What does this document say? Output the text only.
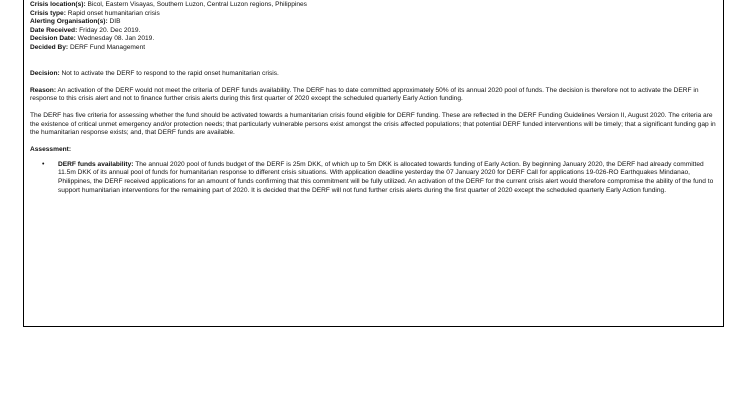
Crisis location(s): Bicol, Eastern Visayas, Southern Luzon, Central Luzon regions, Philippines
Crisis type: Rapid onset humanitarian crisis
Alerting Organisation(s): DIB
Date Received: Friday 20. Dec 2019.
Decision Date: Wednesday 08. Jan 2019.
Decided By: DERF Fund Management

Decision: Not to activate the DERF to respond to the rapid onset humanitarian crisis.

Reason: An activation of the DERF would not meet the criteria of DERF funds availability. The DERF has to date committed approximately 50% of its annual 2020 pool of funds. The decision is therefore not to activate the DERF in response to this crisis alert and not to finance further crisis alerts during this first quarter of 2020 except the scheduled quarterly Early Action funding.

The DERF has five criteria for assessing whether the fund should be activated towards a humanitarian crisis found eligible for DERF funding. These are reflected in the DERF Funding Guidelines Version II, August 2020. The criteria are the existence of critical unmet emergency and/or protection needs; that particularly vulnerable persons exist amongst the crisis affected populations; that potential DERF funded interventions will be timely; that a significant funding gap in the humanitarian response exists; and, that DERF funds are available.

Assessment:

• DERF funds availability: The annual 2020 pool of funds budget of the DERF is 25m DKK, of which up to 5m DKK is allocated towards funding of Early Action. By beginning January 2020, the DERF had already committed 11.5m DKK of its annual pool of funds for humanitarian response to different crisis situations. With application deadline yesterday the 07 January 2020 for DERF Call for applications 19-026-RO Earthquakes Mindanao, Philippines, the DERF received applications for an amount of funds confirming that this commitment will be fully utilized. An activation of the DERF for the current crisis alert would therefore compromise the ability of the fund to support humanitarian interventions for the remaining part of 2020. It is decided that the DERF will not fund further crisis alerts during the first quarter of 2020 except the scheduled quarterly Early Action funding.
